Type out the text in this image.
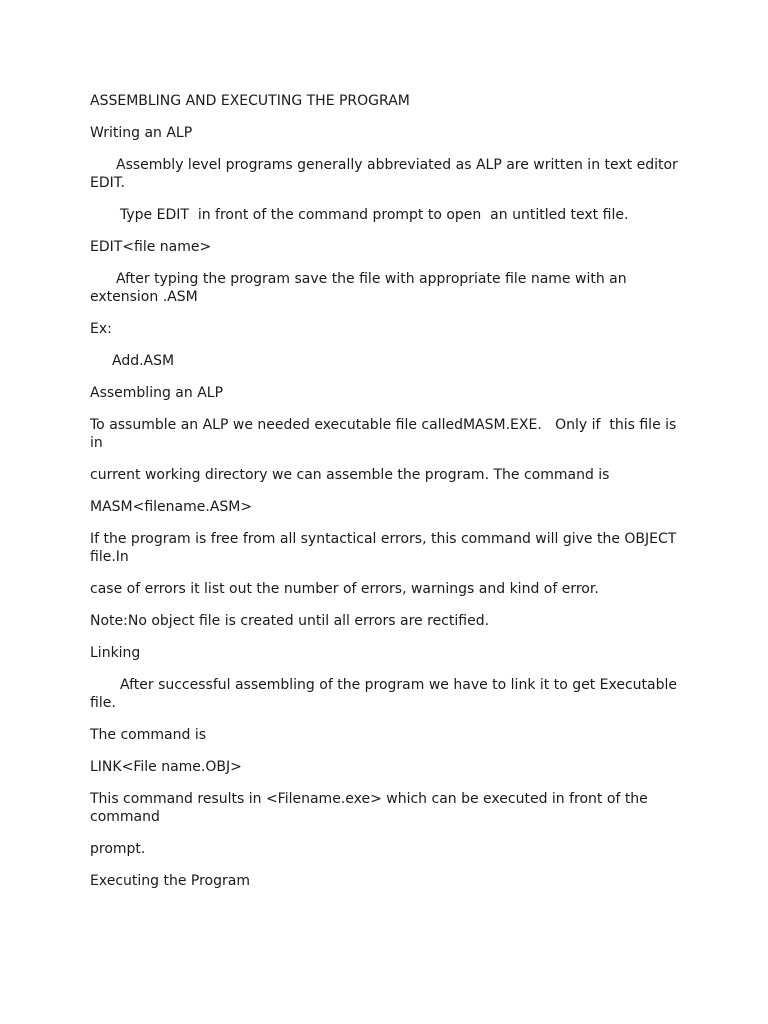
ASSEMBLING AND EXECUTING THE PROGRAM

Writing an ALP

Assembly level programs generally abbreviated as ALP are written in text editor EDIT.

Type EDIT  in front of the command prompt to open  an untitled text file.

EDIT<file name>

After typing the program save the file with appropriate file name with an extension .ASM

Ex:

Add.ASM

Assembling an ALP

To assumble an ALP we needed executable file calledMASM.EXE.   Only if  this file is in

current working directory we can assemble the program. The command is

MASM<filename.ASM>

If the program is free from all syntactical errors, this command will give the OBJECT file.In

case of errors it list out the number of errors, warnings and kind of error.

Note:No object file is created until all errors are rectified.

Linking

After successful assembling of the program we have to link it to get Executable file.

The command is

LINK<File name.OBJ>

This command results in <Filename.exe> which can be executed in front of the command

prompt.

Executing the Program
